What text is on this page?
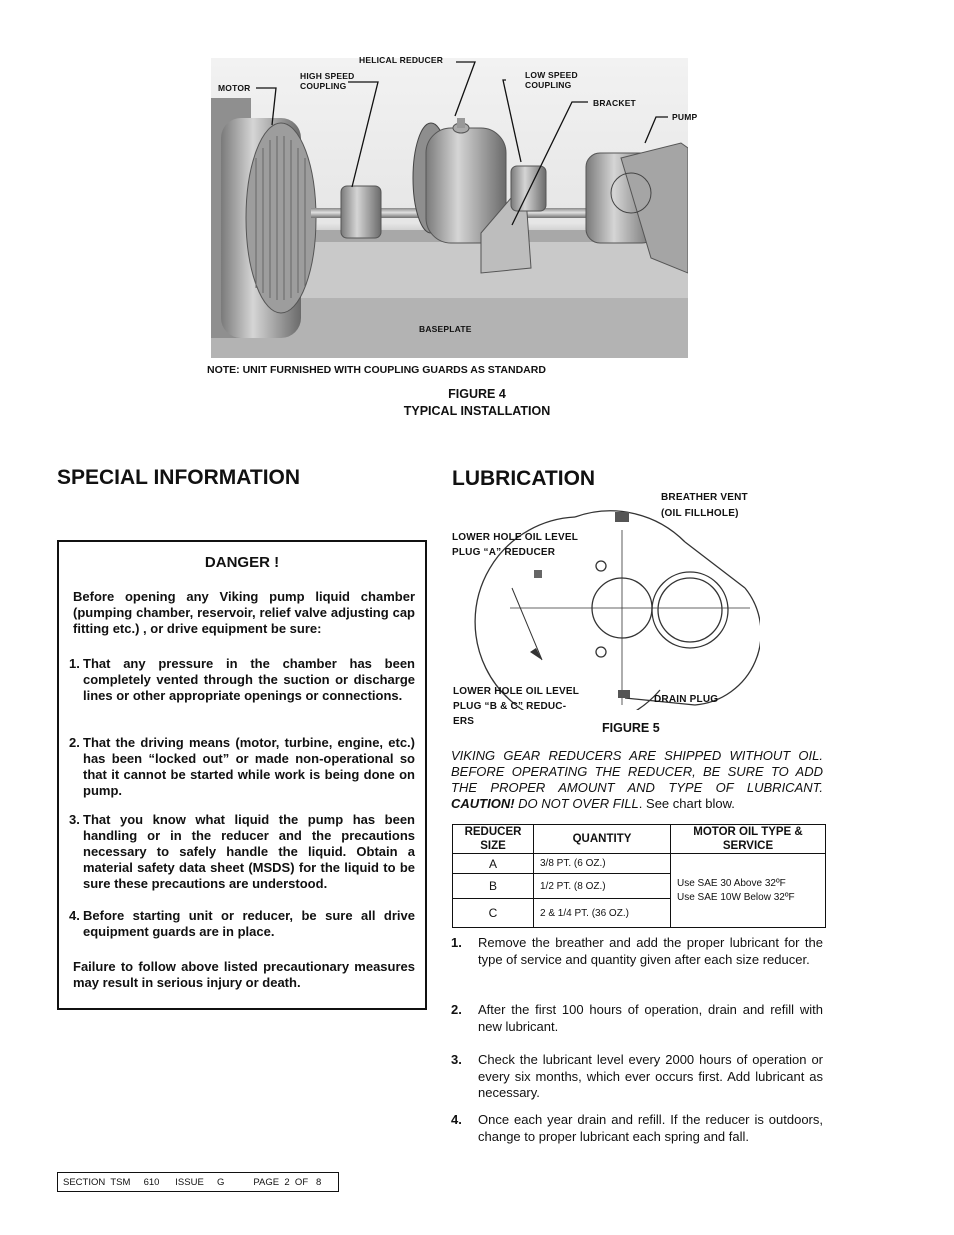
MOTOR
HIGH SPEED
COUPLING
HELICAL REDUCER
LOW SPEED
COUPLING
BRACKET
PUMP
BASEPLATE
NOTE: UNIT FURNISHED WITH COUPLING GUARDS AS STANDARD
FIGURE 4
TYPICAL INSTALLATION
SPECIAL INFORMATION
DANGER !

Before opening any Viking pump liquid chamber (pumping chamber, reservoir, relief valve adjusting cap fitting etc.) , or drive equipment be sure:

1. That any pressure in the chamber has been completely vented through the suction or discharge lines or other appropriate openings or connections.

2. That the driving means (motor, turbine, engine, etc.) has been “locked out” or made non-operational so that it cannot be started while work is being done on pump.

3. That you know what liquid the pump has been handling or in the reducer and the precautions necessary to safely handle the liquid. Obtain a material safety data sheet (MSDS) for the liquid to be sure these precautions are understood.

4. Before starting unit or reducer, be sure all drive equipment guards are in place.

Failure to follow above listed precautionary measures may result in serious injury or death.

LUBRICATION
BREATHER VENT
(OIL FILLHOLE)
LOWER HOLE OIL LEVEL
PLUG “A” REDUCER
LOWER HOLE OIL LEVEL
PLUG “B & C” REDUC-
ERS
DRAIN PLUG
FIGURE 5
VIKING GEAR REDUCERS ARE SHIPPED WITHOUT OIL. BEFORE OPERATING THE REDUCER, BE SURE TO ADD THE PROPER AMOUNT AND TYPE OF LUBRICANT. CAUTION! DO NOT OVER FILL. See chart blow.
REDUCER SIZE	QUANTITY	MOTOR OIL TYPE & SERVICE
A	3/8 PT. (6 OZ.)	Use SAE 30 Above 32ºF
Use SAE 10W Below 32ºF

B	1/2 PT. (8 OZ.)	
C	2 & 1/4 PT. (36 OZ.)	
1. Remove the breather and add the proper lubricant for the type of service and quantity given after each size reducer.
2. After the first 100 hours of operation, drain and refill with new lubricant.
3. Check the lubricant level every 2000 hours of operation or every six months, which ever occurs first. Add lubricant as necessary.
4. Once each year drain and refill. If the reducer is outdoors, change to proper lubricant each spring and fall.
SECTION  TSM     610      ISSUE     G           PAGE  2  OF   8
